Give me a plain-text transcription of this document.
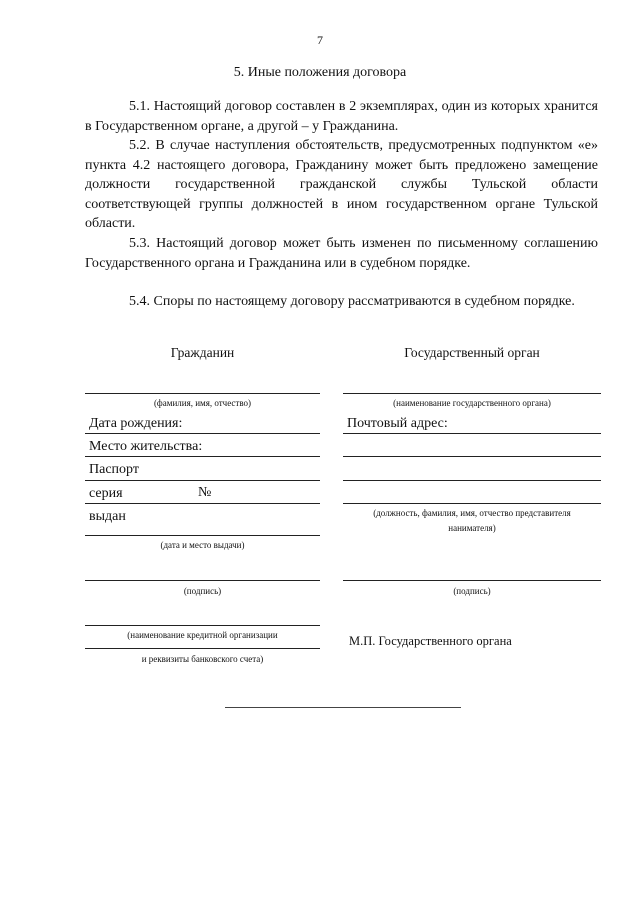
7
5. Иные положения договора
5.1. Настоящий договор составлен в 2 экземплярах, один из которых хранится в Государственном органе, а другой – у Гражданина.
5.2. В случае наступления обстоятельств, предусмотренных подпунктом «е» пункта 4.2 настоящего договора, Гражданину может быть предложено замещение должности государственной гражданской службы Тульской области соответствующей группы должностей в ином государственном органе Тульской области.
5.3. Настоящий договор может быть изменен по письменному соглашению Государственного органа и Гражданина или в судебном порядке.
5.4. Споры по настоящему договору рассматриваются в судебном порядке.
Гражданин
(фамилия, имя, отчество)
Дата рождения:
Место жительства:
Паспорт
серия	№
выдан
(дата и место выдачи)
(подпись)
(наименование кредитной организации
и реквизиты банковского счета)
Государственный орган
(наименование государственного органа)
Почтовый адрес:
(должность, фамилия, имя, отчество представителя
нанимателя)
(подпись)
М.П. Государственного органа
